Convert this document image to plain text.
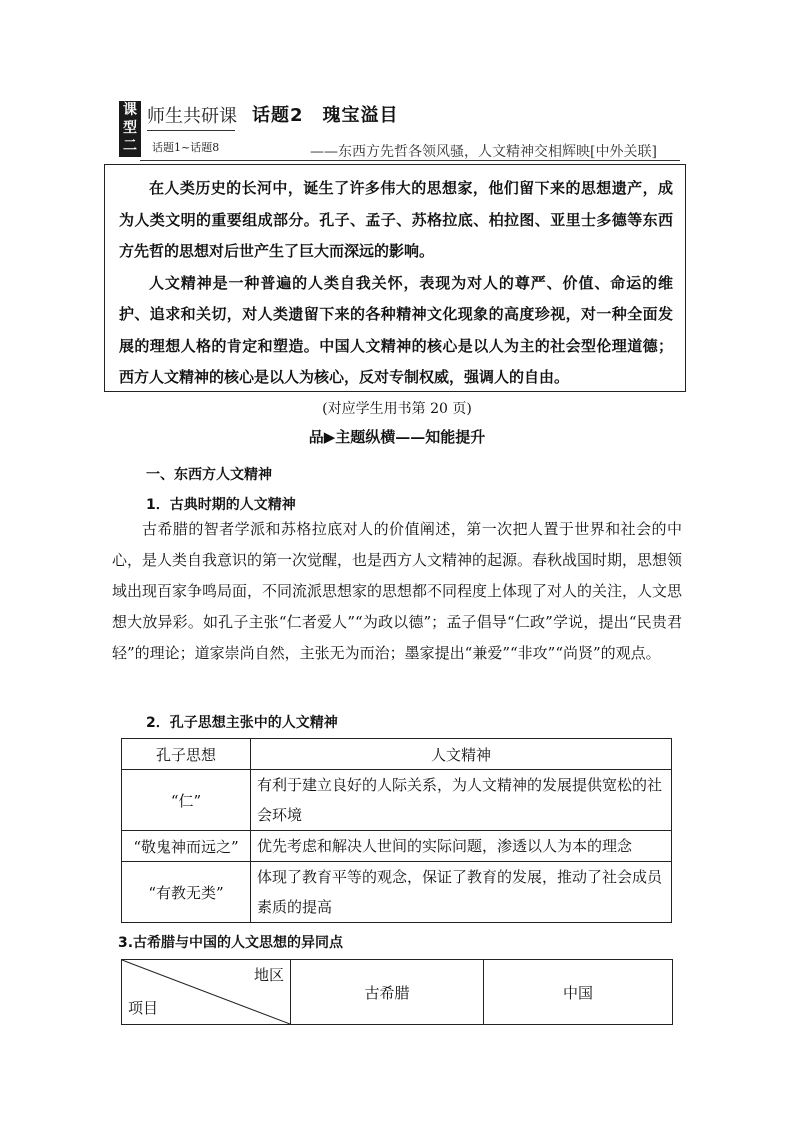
课
型
二
师生共研课
话题1~话题8
话题2　瑰宝溢目
——东西方先哲各领风骚，人文精神交相辉映[中外关联]

在人类历史的长河中，诞生了许多伟大的思想家，他们留下来的思想遗产，成为人类文明的重要组成部分。孔子、孟子、苏格拉底、柏拉图、亚里士多德等东西方先哲的思想对后世产生了巨大而深远的影响。

人文精神是一种普遍的人类自我关怀，表现为对人的尊严、价值、命运的维护、追求和关切，对人类遗留下来的各种精神文化现象的高度珍视，对一种全面发展的理想人格的肯定和塑造。中国人文精神的核心是以人为主的社会型伦理道德；西方人文精神的核心是以人为核心，反对专制权威，强调人的自由。

(对应学生用书第 20 页)
品▶主题纵横——知能提升
一、东西方人文精神
1．古典时期的人文精神
古希腊的智者学派和苏格拉底对人的价值阐述，第一次把人置于世界和社会的中心，是人类自我意识的第一次觉醒，也是西方人文精神的起源。春秋战国时期，思想领域出现百家争鸣局面，不同流派思想家的思想都不同程度上体现了对人的关注，人文思想大放异彩。如孔子主张“仁者爱人”“为政以德”；孟子倡导“仁政”学说，提出“民贵君轻”的理论；道家崇尚自然，主张无为而治；墨家提出“兼爱”“非攻”“尚贤”的观点。
2．孔子思想主张中的人文精神
孔子思想	人文精神
“仁”	有利于建立良好的人际关系，为人文精神的发展提供宽松的社会环境
“敬鬼神而远之”	优先考虑和解决人世间的实际问题，渗透以人为本的理念
“有教无类”	体现了教育平等的观念，保证了教育的发展，推动了社会成员素质的提高
3.古希腊与中国的人文思想的异同点
地区
项目
	古希腊	中国
